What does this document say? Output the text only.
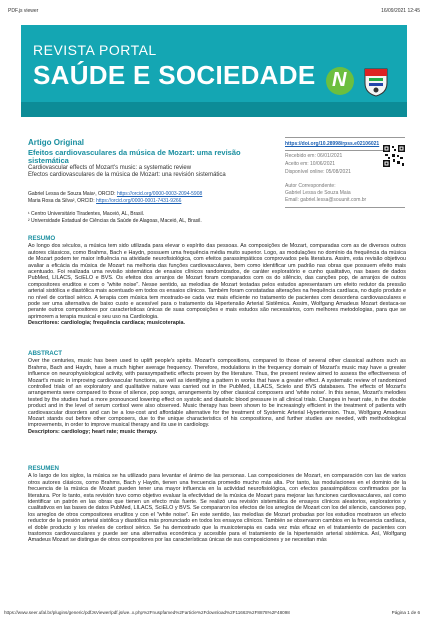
PDF.js viewer	16/09/2021 12:45
REVISTA PORTAL
SAÚDE E SOCIEDADE N
Artigo Original
Efeitos cardiovasculares da música de Mozart: uma revisão sistemática
Cardiovascular effects of Mozart's music: a systematic review
Efectos cardiovasculares de la música de Mozart: una revisión sistemática
Gabriel Lessa de Souza Maia¹, ORCID: https://orcid.org/0000-0003-2094-5908
Maria Rosa da Silva², ORCID: https://orcid.org/0000-0001-7431-9266
¹ Centro Universitário Tiradentes, Maceió, AL, Brasil.
² Universidade Estadual de Ciências da Saúde de Alagoas, Maceió, AL, Brasil.
https://doi.org/10.28998/rpss.e02106021
Recebido em: 06/01/2021
Aceito em: 10/06/2021
Disponível online: 05/08/2021
Autor Correspondente:
Gabriel Lessa de Souza Maia
Email: gabriel.lessa@souunit.com.br
RESUMO
Ao longo dos séculos, a música tem sido utilizada para elevar o espírito das pessoas. As composições de Mozart, comparadas com as de diversos outros autores clássicos, como Brahms, Bach e Haydn, possuem uma frequência média muito superior. Logo, as modulações no domínio da frequência da música de Mozart podem ter maior influência na atividade neurofisiológica, com efeitos parassimpáticos comprovados pela literatura. Assim, esta revisão objetivou avaliar a eficácia da música de Mozart na melhoria das funções cardiovasculares, bem como identificar um padrão nas obras que possuem efeito mais acentuado. Foi realizada uma revisão sistemática de ensaios clínicos randomizados, de caráter exploratório e cunho qualitativo, nas bases de dados PubMed, LILACS, SciELO e BVS. Os efeitos dos arranjos de Mozart foram comparados com os do silêncio, das canções pop, de arranjos de outros compositores eruditos e com o "white noise". Nesse sentido, as melodias de Mozart testadas pelos estudos apresentaram um efeito redutor da pressão arterial sistólica e diastólica mais acentuado em todos os ensaios clínicos. Também foram constatadas alterações na frequência cardíaca, no duplo produto e no nível de cortisol sérico. A terapia com música tem mostrado-se cada vez mais eficiente no tratamento de pacientes com desordens cardiovasculares e pode ser uma alternativa de baixo custo e acessível para o tratamento da Hipertensão Arterial Sistêmica. Assim, Wolfgang Amadeus Mozart destaca-se perante outros compositores por características únicas de suas composições e mais estudos são necessários, com melhores metodologias, para que se aprimorem a terapia musical e seu uso na Cardiologia.
Descritores: cardiologia; frequência cardíaca; musicoterapia.
ABSTRACT
Over the centuries, music has been used to uplift people's spirits. Mozart's compositions, compared to those of several other classical authors such as Brahms, Bach and Haydn, have a much higher average frequency. Therefore, modulations in the frequency domain of Mozart's music may have a greater influence on neurophysiological activity, with parasympathetic effects proven by the literature. Thus, the present review aimed to assess the effectiveness of Mozart's music in improving cardiovascular functions, as well as identifying a pattern in works that have a greater effect. A systematic review of randomized controlled trials of an exploratory and qualitative nature was carried out in the PubMed, LILACS, Scielo and BVS databases. The effects of Mozart's arrangements were compared to those of silence, pop songs, arrangements by other classical composers and 'white noise'. In this sense, Mozart's melodies tested by the studies had a more pronounced lowering effect on systolic and diastolic blood pressure in all clinical trials. Changes in heart rate, in the double product and in the level of serum cortisol were also observed. Music therapy has been shown to be increasingly efficient in the treatment of patients with cardiovascular disorders and can be a low-cost and affordable alternative for the treatment of Systemic Arterial Hypertension. Thus, Wolfgang Amadeus Mozart stands out before other composers, due to the unique characteristics of his compositions, and further studies are needed, with methodological improvements, in order to improve musical therapy and its use in cardiology.
Descriptors: cardiology; heart rate; music therapy.
RESUMEN
A lo largo de los siglos, la música se ha utilizado para levantar el ánimo de las personas. Las composiciones de Mozart, en comparación con las de varios otros autores clásicos, como Brahms, Bach y Haydn, tienen una frecuencia promedio mucho más alta. Por tanto, las modulaciones en el dominio de la frecuencia de la música de Mozart pueden tener una mayor influencia en la actividad neurofisiológica, con efectos parasimpáticos confirmados por la literatura. Por lo tanto, esta revisión tuvo como objetivo evaluar la efectividad de la música de Mozart para mejorar las funciones cardiovasculares, así como identificar un patrón en las obras que tienen un efecto más fuerte. Se realizó una revisión sistemática de ensayos clínicos aleatorios, exploratorios y cualitativos en las bases de datos PubMed, LILACS, SciELO y BVS. Se compararon los efectos de los arreglos de Mozart con los del silencio, canciones pop, los arreglos de otros compositores eruditos y con el "white noise". En este sentido, las melodías de Mozart probadas por los estudios mostraron un efecto reductor de la presión arterial sistólica y diastólica más pronunciado en todos los ensayos clínicos. También se observaron cambios en la frecuencia cardíaca, el doble producto y los niveles de cortisol sérico. Se ha demostrado que la musicoterapia es cada vez más eficaz en el tratamiento de pacientes con trastornos cardiovasculares y puede ser una alternativa económica y accesible para el tratamiento de la hipertensión arterial sistémica. Así, Wolfgang Amadeus Mozart se distingue de otros compositores por las características únicas de sus composiciones y se necesitan más
https://www.seer.ufal.br/plugins/generic/pdfJsViewer/pdf.js/we..x.php%2Fnuspfamed%2Farticle%2Fdownload%2F11663%2F8878%2F48098	Página 1 de 6
